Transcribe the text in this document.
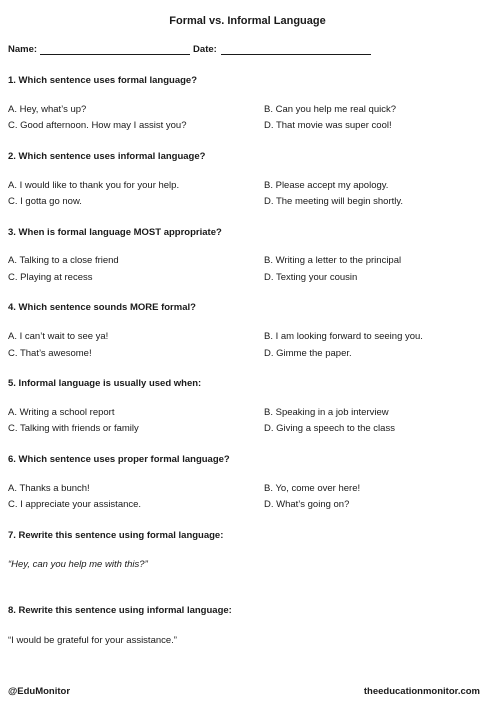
Formal vs. Informal Language
Name:	Date:
1. Which sentence uses formal language?
A. Hey, what’s up?	B. Can you help me real quick?
C. Good afternoon. How may I assist you?	D. That movie was super cool!
2. Which sentence uses informal language?
A. I would like to thank you for your help.	B. Please accept my apology.
C. I gotta go now.	D. The meeting will begin shortly.
3. When is formal language MOST appropriate?
A. Talking to a close friend	B. Writing a letter to the principal
C. Playing at recess	D. Texting your cousin
4. Which sentence sounds MORE formal?
A. I can’t wait to see ya!	B. I am looking forward to seeing you.
C. That’s awesome!	D. Gimme the paper.
5. Informal language is usually used when:
A. Writing a school report	B. Speaking in a job interview
C. Talking with friends or family	D. Giving a speech to the class
6. Which sentence uses proper formal language?
A. Thanks a bunch!	B. Yo, come over here!
C. I appreciate your assistance.	D. What’s going on?
7. Rewrite this sentence using formal language:
“Hey, can you help me with this?”
8. Rewrite this sentence using informal language:
“I would be grateful for your assistance.”
@EduMonitor	theeducationmonitor.com
